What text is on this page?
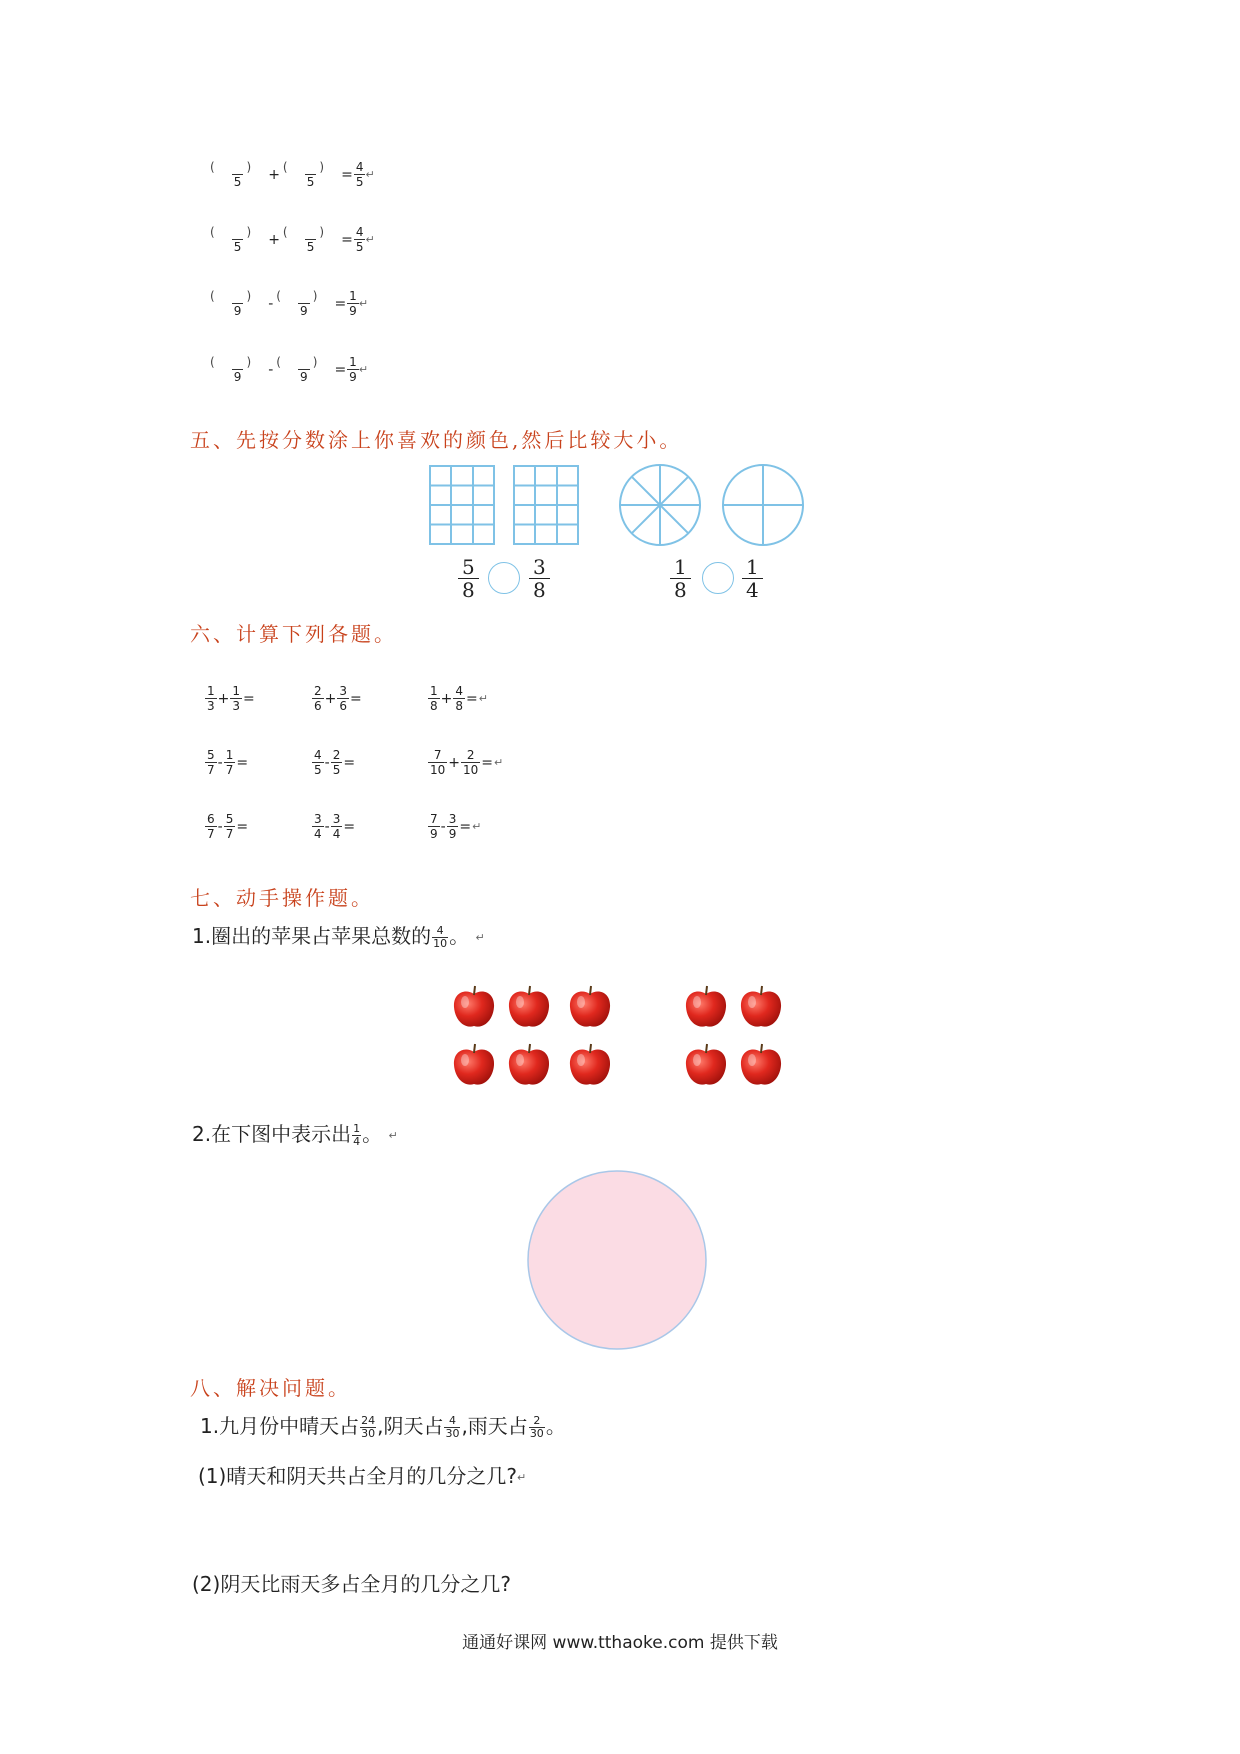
( )
5 + ( )
$5 = \frac{4}{5}$ ↵
( )
5 + ( )
$5 = \frac{4}{5}$ ↵
( )
9 - ( )
$9 = \frac{1}{9}$ ↵
( )
9 - ( )
$9 = \frac{1}{9}$ ↵
五、先按分数涂上你喜欢的颜色,然后比较大小。
5
8
3
8
1
8
1
4
六、计算下列各题。
$\frac{1}{3} + \frac{1}{3}$ =	$\frac{2}{6} + \frac{3}{6}$ =	$\frac{1}{8} + \frac{4}{8}$ =↵
$\frac{5}{7} - \frac{1}{7}$ =	$\frac{4}{5} - \frac{2}{5}$ =	$\frac{7}{10} + \frac{2}{10}$ =↵
$\frac{6}{7} - \frac{5}{7}$ =	$\frac{3}{4} - \frac{3}{4}$ =	$\frac{7}{9} - \frac{3}{9}$ =↵
七、动手操作题。
1.圈出的苹果占苹果总数的 $\frac{4}{10}$ 。 ↵
2.在下图中表示出 $\frac{1}{4}$ 。 ↵
八、解决问题。
1.九月份中晴天占 $\frac{24}{30}$ ,阴天占 $\frac{4}{30}$ ,雨天占 $\frac{2}{30}$ 。
(1)晴天和阴天共占全月的几分之几?↵
(2)阴天比雨天多占全月的几分之几?
通通好课网 www.tthaoke.com 提供下载
